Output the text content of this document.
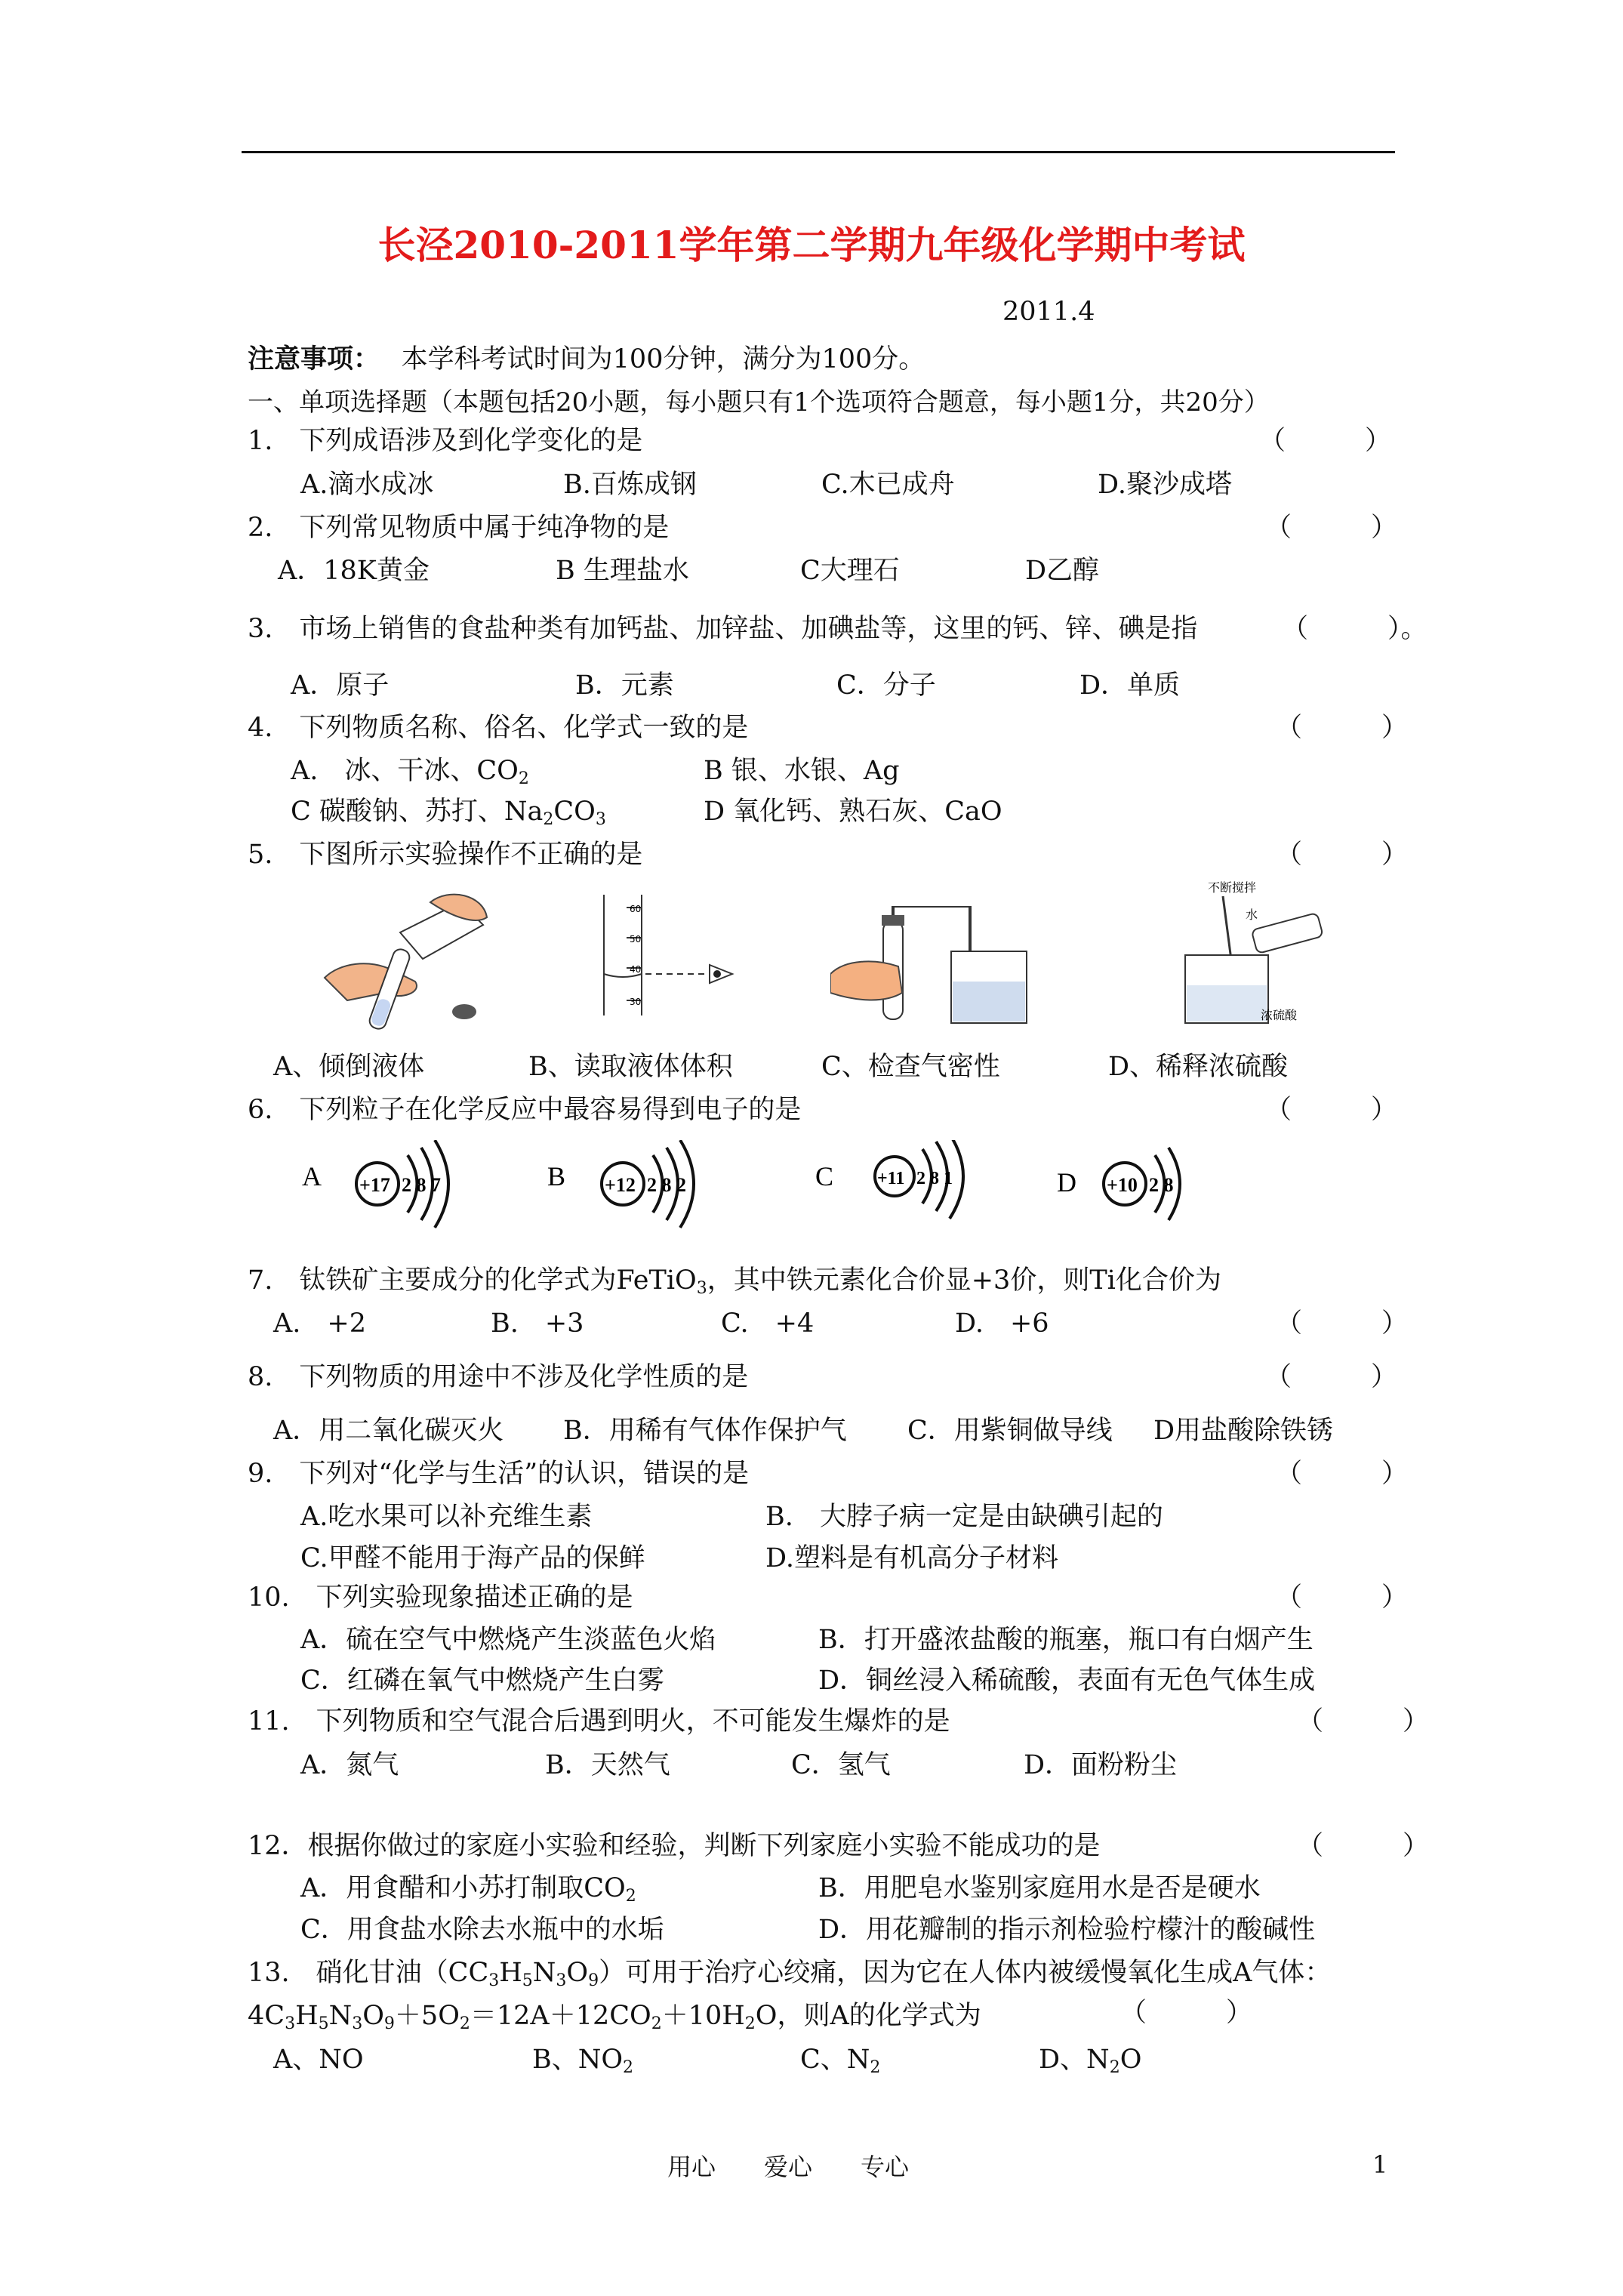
长泾2010-2011学年第二学期九年级化学期中考试
2011.4
注意事项：　 本学科考试时间为100分钟，满分为100分。
一、单项选择题（本题包括20小题，每小题只有1个选项符合题意，每小题1分，共20分）
1.　下列成语涉及到化学变化的是	（　　　）
A.滴水成冰	B.百炼成钢	C.木已成舟	D.聚沙成塔
2.　下列常见物质中属于纯净物的是	（　　　）
A．18K黄金	B 生理盐水	C大理石	D乙醇
3.　市场上销售的食盐种类有加钙盐、加锌盐、加碘盐等，这里的钙、锌、碘是指	（　　　）。
A．原子	B．元素	C．分子	D．单质
4.　下列物质名称、俗名、化学式一致的是	（　　　）
A.　冰、干冰、$CO_2$	B 银、水银、Ag
C 碳酸钠、苏打、$Na_2CO_3$	D 氧化钙、熟石灰、CaO
5.　下图所示实验操作不正确的是	（　　　）
60
50
40
30
不断搅拌
水
浓硫酸
A、倾倒液体	B、读取液体体积	C、检查气密性	D、稀释浓硫酸
6.　下列粒子在化学反应中最容易得到电子的是	（　　　）
A +17 2 8 7	B +12 2 8 2	C +11 2 8 1	D +10 2 8
7.　钛铁矿主要成分的化学式为FeTiO$_3$，其中铁元素化合价显+3价，则Ti化合价为
A.　+2	B.　+3	C.　+4	D.　+6	（　　　）
8.　下列物质的用途中不涉及化学性质的是	（　　　）
A．用二氧化碳灭火 B．用稀有气体作保护气 C．用紫铜做导线 D用盐酸除铁锈
9.　下列对“化学与生活”的认识，错误的是	（　　　）
A.吃水果可以补充维生素	B.　大脖子病一定是由缺碘引起的
C.甲醛不能用于海产品的保鲜	D.塑料是有机高分子材料
10.　下列实验现象描述正确的是	（　　　）
A．硫在空气中燃烧产生淡蓝色火焰	B．打开盛浓盐酸的瓶塞，瓶口有白烟产生
C．红磷在氧气中燃烧产生白雾	D．铜丝浸入稀硫酸，表面有无色气体生成
11.　下列物质和空气混合后遇到明火，不可能发生爆炸的是	（　　　）
A．氮气	B．天然气	C．氢气	D．面粉粉尘
12．根据你做过的家庭小实验和经验，判断下列家庭小实验不能成功的是	（　　　）
A．用食醋和小苏打制取$CO_2$	B．用肥皂水鉴别家庭用水是否是硬水
C．用食盐水除去水瓶中的水垢	D．用花瓣制的指示剂检验柠檬汁的酸碱性
13.　硝化甘油$(CC_3H_5N_3O_9)$可用于治疗心绞痛，因为它在人体内被缓慢氧化生成A气体：
$4C_3H_5N_3O_9+5O_2=12A+12CO_2+10H_2O$，则A的化学式为	（　　　）
A、NO	B、$NO_2$	C、$N_2$	D、$N_2O$
用心　　爱心　　专心	1
